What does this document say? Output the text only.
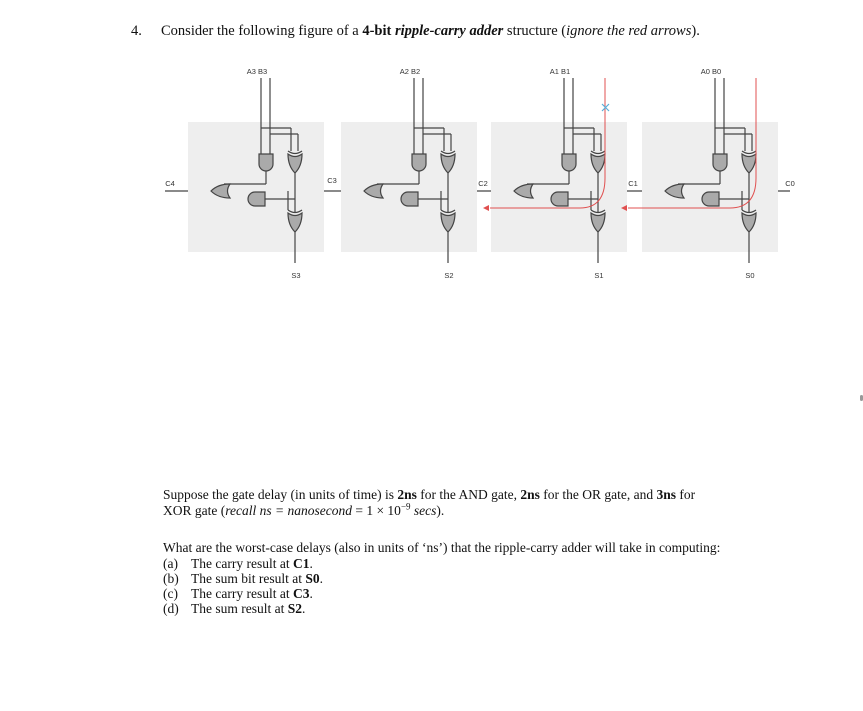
4. Consider the following figure of a 4-bit ripple-carry adder structure (ignore the red arrows).
A3 B3
S3
A2 B2
S2
A1 B1
S1
A0 B0
S0
C4	C3	C2	C1	C0
Suppose the gate delay (in units of time) is 2ns for the AND gate, 2ns for the OR gate, and 3ns for
XOR gate (recall ns = nanosecond = $1 \times 10^{-9}$ secs).
What are the worst-case delays (also in units of ‘ns’) that the ripple-carry adder will take in computing:
(a) The carry result at C1.
(b) The sum bit result at S0.
(c) The carry result at C3.
(d) The sum result at S2.
